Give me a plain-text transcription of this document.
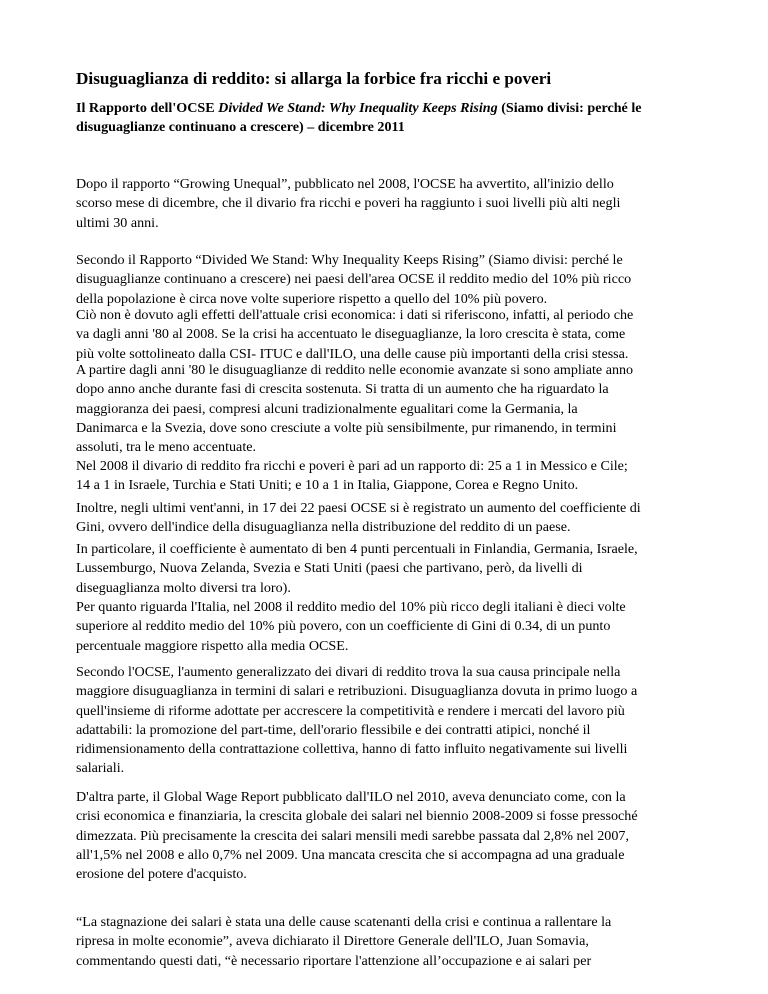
Disuguaglianza di reddito: si allarga la forbice fra ricchi e poveri
Il Rapporto dell'OCSE Divided We Stand: Why Inequality Keeps Rising (Siamo divisi: perché le
disuguaglianze continuano a crescere) – dicembre 2011

Dopo il rapporto “Growing Unequal”, pubblicato nel 2008, l'OCSE ha avvertito, all'inizio dello
scorso mese di dicembre, che il divario fra ricchi e poveri ha raggiunto i suoi livelli più alti negli
ultimi 30 anni.

Secondo il Rapporto “Divided We Stand: Why Inequality Keeps Rising” (Siamo divisi: perché le
disuguaglianze continuano a crescere) nei paesi dell'area OCSE il reddito medio del 10% più ricco
della popolazione è circa nove volte superiore rispetto a quello del 10% più povero.

Ciò non è dovuto agli effetti dell'attuale crisi economica: i dati si riferiscono, infatti, al periodo che
va dagli anni '80 al 2008. Se la crisi ha accentuato le diseguaglianze, la loro crescita è stata, come
più volte sottolineato dalla CSI- ITUC e dall'ILO, una delle cause più importanti della crisi stessa.

A partire dagli anni '80 le disuguaglianze di reddito nelle economie avanzate si sono ampliate anno
dopo anno anche durante fasi di crescita sostenuta. Si tratta di un aumento che ha riguardato la
maggioranza dei paesi, compresi alcuni tradizionalmente egualitari come la Germania, la
Danimarca e la Svezia, dove sono cresciute a volte più sensibilmente, pur rimanendo, in termini
assoluti, tra le meno accentuate.

Nel 2008 il divario di reddito fra ricchi e poveri è pari ad un rapporto di: 25 a 1 in Messico e Cile;
14 a 1 in Israele, Turchia e Stati Uniti; e 10 a 1 in Italia, Giappone, Corea e Regno Unito.

Inoltre, negli ultimi vent'anni, in 17 dei 22 paesi OCSE si è registrato un aumento del coefficiente di
Gini, ovvero dell'indice della disuguaglianza nella distribuzione del reddito di un paese.

In particolare, il coefficiente è aumentato di ben 4 punti percentuali in Finlandia, Germania, Israele,
Lussemburgo, Nuova Zelanda, Svezia e Stati Uniti (paesi che partivano, però, da livelli di
diseguaglianza molto diversi tra loro).

Per quanto riguarda l'Italia, nel 2008 il reddito medio del 10% più ricco degli italiani è dieci volte
superiore al reddito medio del 10% più povero, con un coefficiente di Gini di 0.34, di un punto
percentuale maggiore rispetto alla media OCSE.

Secondo l'OCSE, l'aumento generalizzato dei divari di reddito trova la sua causa principale nella
maggiore disuguaglianza in termini di salari e retribuzioni. Disuguaglianza dovuta in primo luogo a
quell'insieme di riforme adottate per accrescere la competitività e rendere i mercati del lavoro più
adattabili: la promozione del part-time, dell'orario flessibile e dei contratti atipici, nonché il
ridimensionamento della contrattazione collettiva, hanno di fatto influito negativamente sui livelli
salariali.

D'altra parte, il Global Wage Report pubblicato dall'ILO nel 2010, aveva denunciato come, con la
crisi economica e finanziaria, la crescita globale dei salari nel biennio 2008-2009 si fosse pressoché
dimezzata. Più precisamente la crescita dei salari mensili medi sarebbe passata dal 2,8% nel 2007,
all'1,5% nel 2008 e allo 0,7% nel 2009. Una mancata crescita che si accompagna ad una graduale
erosione del potere d'acquisto.

“La stagnazione dei salari è stata una delle cause scatenanti della crisi e continua a rallentare la
ripresa in molte economie”, aveva dichiarato il Direttore Generale dell'ILO, Juan Somavia,
commentando questi dati, “è necessario riportare l'attenzione all’occupazione e ai salari per
